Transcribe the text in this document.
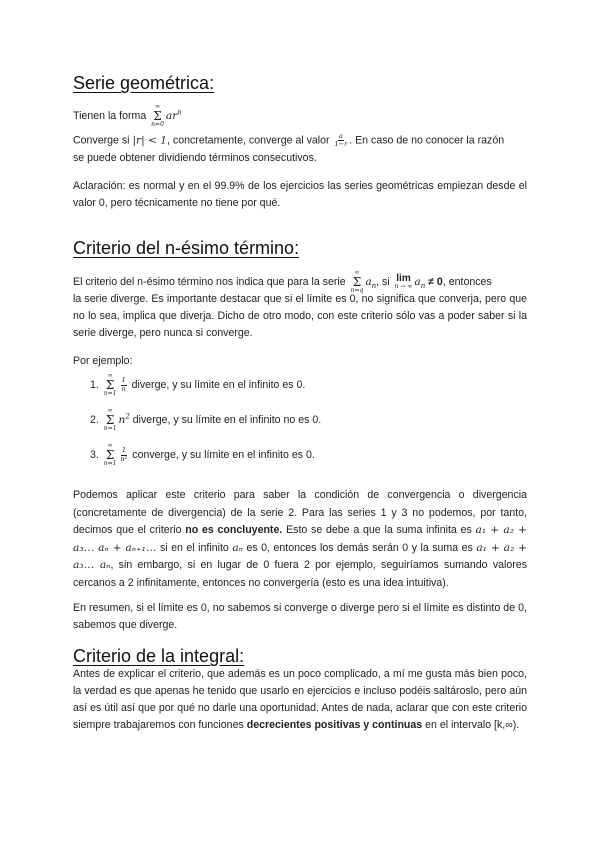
Serie geométrica:
Tienen la forma
∞
Σ
n=0
$ar^n$
Converge si |r| < 1, concretamente, converge al valor $\frac{a}{1-r}$ . En caso de no conocer la razón
se puede obtener dividiendo términos consecutivos.
Aclaración: es normal y en el 99.9% de los ejercicios las series geométricas empiezan desde el valor 0, pero técnicamente no tiene por qué.
Criterio del n-ésimo término:
El criterio del n-ésimo término nos indica que para la serie
∞
Σ
n=q
$a_n$, si lim
n → ∞ $a_n \ne 0$, entonces
la serie diverge. Es importante destacar que si el límite es 0, no significa que converja, pero que no lo sea, implica que diverja. Dicho de otro modo, con este criterio sólo vas a poder saber si la serie diverge, pero nunca si converge.
Por ejemplo:
1.
∞
Σ
n=1
$\frac{1}{n}$ diverge, y su límite en el infinito es 0.
2.
∞
Σ
n=1
$n^2$ diverge, y su límite en el infinito no es 0.
3.
∞
Σ
n=1
$\frac{1}{\text{n²}}$ converge, y su límite en el infinito es 0.
Podemos aplicar este criterio para saber la condición de convergencia o divergencia (concretamente de divergencia) de la serie 2. Para las series 1 y 3 no podemos, por tanto, decimos que el criterio no es concluyente. Esto se debe a que la suma infinita es a₁ + a₂ + a₃… aₙ + aₙ₊₁… si en el infinito aₙ es 0, entonces los demás serán 0 y la suma es a₁ + a₂ + a₃… aₙ, sin embargo, si en lugar de 0 fuera 2 por ejemplo, seguiríamos sumando valores cercanos a 2 infinitamente, entonces no convergería (esto es una idea intuitiva).
En resumen, si el límite es 0, no sabemos si converge o diverge pero si el límite es distinto de 0, sabemos que diverge.
Criterio de la integral:
Antes de explicar el criterio, que además es un poco complicado, a mí me gusta más bien poco, la verdad es que apenas he tenido que usarlo en ejercicios e incluso podéis saltároslo, pero aún así es útil así que por qué no darle una oportunidad. Antes de nada, aclarar que con este criterio siempre trabajaremos con funciones decrecientes positivas y continuas en el intervalo [k,∞).
